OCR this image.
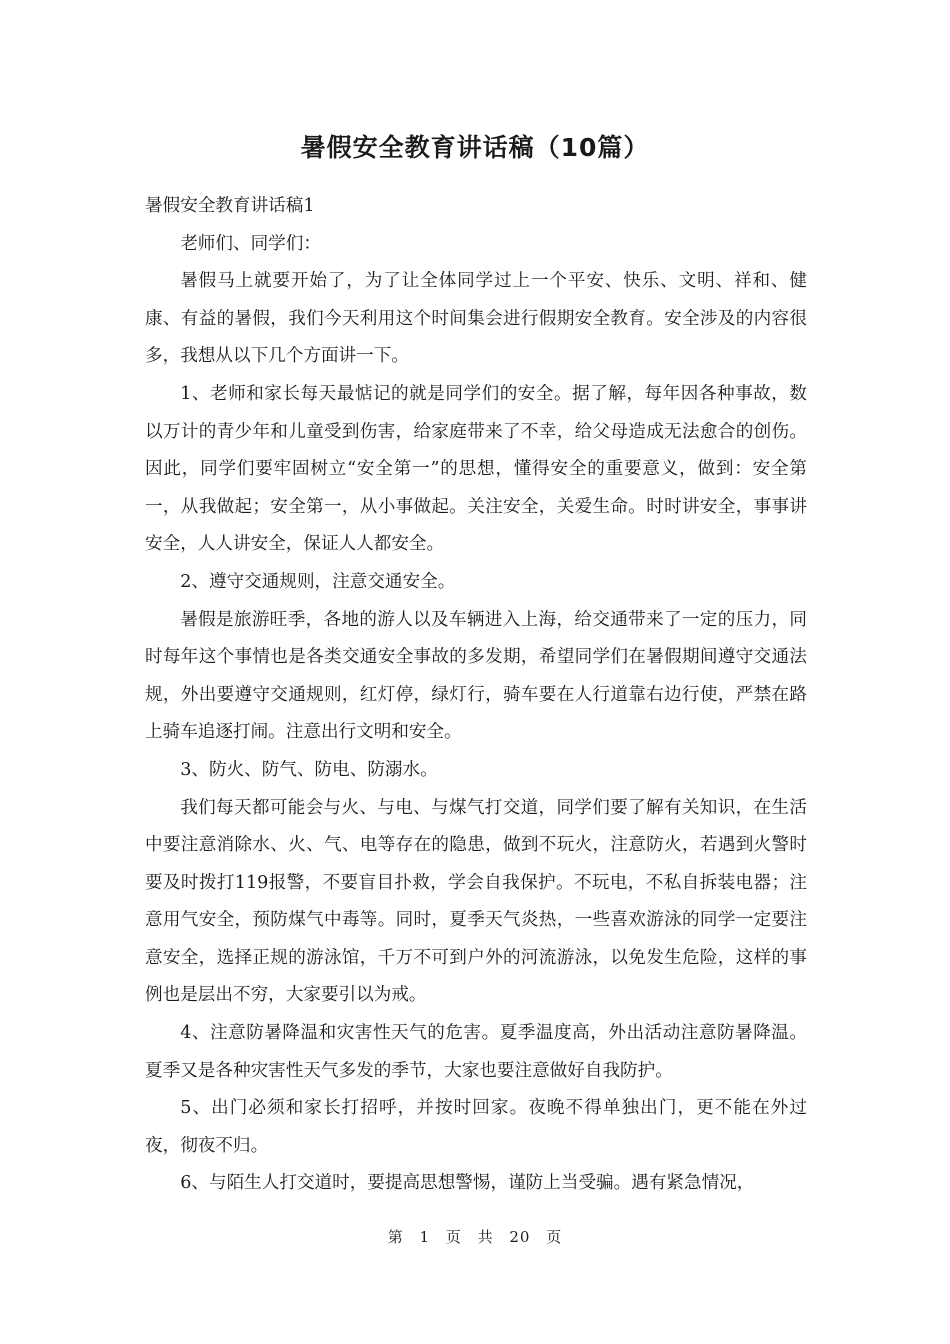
暑假安全教育讲话稿（10篇）

暑假安全教育讲话稿1

老师们、同学们：

暑假马上就要开始了，为了让全体同学过上一个平安、快乐、文明、祥和、健康、有益的暑假，我们今天利用这个时间集会进行假期安全教育。安全涉及的内容很多，我想从以下几个方面讲一下。

1、老师和家长每天最惦记的就是同学们的安全。据了解，每年因各种事故，数以万计的青少年和儿童受到伤害，给家庭带来了不幸，给父母造成无法愈合的创伤。因此，同学们要牢固树立“安全第一”的思想，懂得安全的重要意义，做到：安全第一，从我做起；安全第一，从小事做起。关注安全，关爱生命。时时讲安全，事事讲安全，人人讲安全，保证人人都安全。

2、遵守交通规则，注意交通安全。

暑假是旅游旺季，各地的游人以及车辆进入上海，给交通带来了一定的压力，同时每年这个事情也是各类交通安全事故的多发期，希望同学们在暑假期间遵守交通法规，外出要遵守交通规则，红灯停，绿灯行，骑车要在人行道靠右边行使，严禁在路上骑车追逐打闹。注意出行文明和安全。

3、防火、防气、防电、防溺水。

我们每天都可能会与火、与电、与煤气打交道，同学们要了解有关知识，在生活中要注意消除水、火、气、电等存在的隐患，做到不玩火，注意防火，若遇到火警时要及时拨打119报警，不要盲目扑救，学会自我保护。不玩电，不私自拆装电器；注意用气安全，预防煤气中毒等。同时，夏季天气炎热，一些喜欢游泳的同学一定要注意安全，选择正规的游泳馆，千万不可到户外的河流游泳，以免发生危险，这样的事例也是层出不穷，大家要引以为戒。

4、注意防暑降温和灾害性天气的危害。夏季温度高，外出活动注意防暑降温。夏季又是各种灾害性天气多发的季节，大家也要注意做好自我防护。

5、出门必须和家长打招呼，并按时回家。夜晚不得单独出门，更不能在外过夜，彻夜不归。

6、与陌生人打交道时，要提高思想警惕，谨防上当受骗。遇有紧急情况，

第 1 页 共 20 页
